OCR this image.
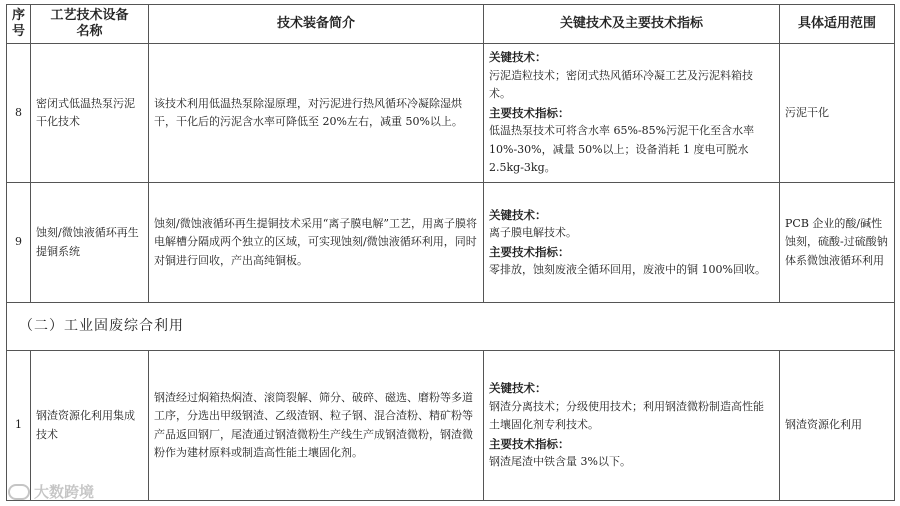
序号	工艺技术设备名称	技术装备简介	关键技术及主要技术指标	具体适用范围
8	密闭式低温热泵污泥干化技术	该技术利用低温热泵除湿原理，对污泥进行热风循环冷凝除湿烘干，干化后的污泥含水率可降低至 20%左右，减重 50%以上。	关键技术：
污泥造粒技术；密闭式热风循环冷凝工艺及污泥料箱技术。
主要技术指标：
低温热泵技术可将含水率 65%-85%污泥干化至含水率 10%-30%，减量 50%以上；设备消耗 1 度电可脱水 2.5kg-3kg。	污泥干化
9	蚀刻/微蚀液循环再生提铜系统	蚀刻/微蚀液循环再生提铜技术采用“离子膜电解”工艺，用离子膜将电解槽分隔成两个独立的区域，可实现蚀刻/微蚀液循环利用，同时对铜进行回收，产出高纯铜板。	关键技术：
离子膜电解技术。
主要技术指标：
零排放，蚀刻废液全循环回用，废液中的铜 100%回收。	PCB 企业的酸/碱性蚀刻，硫酸-过硫酸钠体系微蚀液循环利用
（二）工业固废综合利用				
1	钢渣资源化利用集成技术	钢渣经过焖箱热焖渣、滚筒裂解、筛分、破碎、磁选、磨粉等多道工序，分选出甲级钢渣、乙级渣钢、粒子钢、混合渣粉、精矿粉等产品返回钢厂，尾渣通过钢渣微粉生产线生产成钢渣微粉，钢渣微粉作为建材原料或制造高性能土壤固化剂。	关键技术：
钢渣分离技术；分级使用技术；利用钢渣微粉制造高性能土壤固化剂专利技术。
主要技术指标：
钢渣尾渣中铁含量 3%以下。	钢渣资源化利用
大数跨境
